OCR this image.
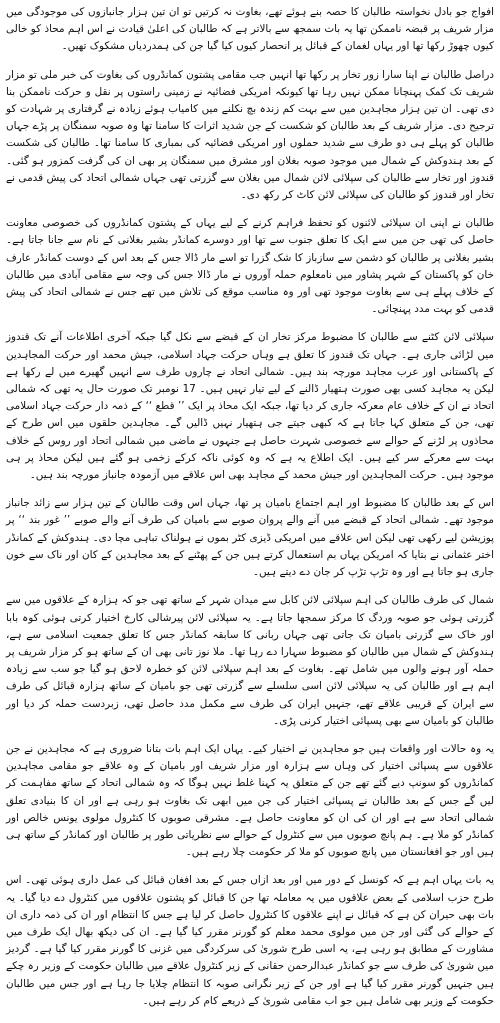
افواج جو بادل نخواستہ طالبان کا حصہ بنے ہوئے تھے، بغاوت نہ کرتیں تو ان تین ہزار جانبازوں کی موجودگی میں مزار شریف پر قبضہ ناممکن تھا یہ بات سمجھ سے بالاتر ہے کہ طالبان کی اعلیٰ قیادت نے اس اہم محاذ کو خالی کیوں چھوڑ رکھا تھا اور یہاں لغمان کے قبائل پر انحصار کیوں کیا گیا جن کی ہمدردیاں مشکوک تھیں۔

دراصل طالبان نے اپنا سارا زور تخار پر رکھا تھا انہیں جب مقامی پشتون کمانڈروں کی بغاوت کی خبر ملی تو مزار شریف تک کمک پہنچانا ممکن نہیں رہا تھا کیونکہ امریکی فضائیہ نے زمینی راستوں پر نقل و حرکت ناممکن بنا دی تھی۔ ان تین ہزار مجاہدین میں سے بہت کم زندہ بچ نکلنے میں کامیاب ہوئے زیادہ نے گرفتاری پر شہادت کو ترجیح دی۔ مزار شریف کے بعد طالبان کو شکست کے جن شدید اثرات کا سامنا تھا وہ صوبہ سمنگان پر پڑے جہاں طالبان کو پہلے ہی دو طرف سے شدید حملوں اور امریکی فضائیہ کی بمباری کا سامنا تھا۔ طالبان کی شکست کے بعد ہندوکش کے شمال میں موجود صوبہ بغلان اور مشرق میں سمنگان پر بھی ان کی گرفت کمزور ہو گئی۔ قندوز اور تخار سے طالبان کی سپلائی لائن شمال میں بغلان سے گزرتی تھی جہاں شمالی اتحاد کی پیش قدمی نے تخار اور قندوز کو طالبان کی سپلائی لائن کاٹ کر رکھ دی۔

طالبان نے اپنی ان سپلائی لائنوں کو تحفظ فراہم کرنے کے لیے یہاں کے پشتون کمانڈروں کی خصوصی معاونت حاصل کی تھی جن میں سے ایک کا تعلق جنوب سے تھا اور دوسرے کمانڈر بشیر بغلانی کے نام سے جانا جاتا ہے۔ بشیر بغلانی پر طالبان کو دشمن سے سازباز کا شک گزرا تو اسے مار ڈالا جس کے بعد اس کے دوست کمانڈر عارف خان کو پاکستان کے شہر پشاور میں نامعلوم حملہ آوروں نے مار ڈالا جس کی وجہ سے مقامی آبادی میں طالبان کے خلاف پہلے ہی سے بغاوت موجود تھی اور وہ مناسب موقع کی تلاش میں تھے جس نے شمالی اتحاد کی پیش قدمی کو بہت مدد پہنچائی۔

سپلائی لائن کٹنے سے طالبان کا مضبوط مرکز تخار ان کے قبضے سے نکل گیا جبکہ آخری اطلاعات آنے تک قندوز میں لڑائی جاری ہے۔ جہاں تک قندوز کا تعلق ہے وہاں حرکت جہاد اسلامی، جیش محمد اور حرکت المجاہدین کے پاکستانی اور عرب مجاہد مورچہ بند ہیں۔ شمالی اتحاد نے چاروں طرف سے انہیں گھیرے میں لے رکھا ہے لیکن یہ مجاہد کسی بھی صورت ہتھیار ڈالنے کے لیے تیار نہیں ہیں۔ 17 نومبر تک صورت حال یہ تھی کہ شمالی اتحاد نے ان کے خلاف عام معرکہ جاری کر دیا تھا، جبکہ ایک محاذ پر ایک ’’ قطع ‘‘ کے ذمہ دار حرکت جہاد اسلامی تھی، جن کے متعلق کہا جاتا ہے کہ کبھی جیتے جی ہتھیار نہیں ڈالیں گے۔ مجاہدین حلقوں میں اس طرح کے محاذوں پر لڑنے کے حوالے سے خصوصی شہرت حاصل ہے جنہوں نے ماضی میں شمالی اتحاد اور روس کے خلاف بہت سے معرکے سر کیے ہیں۔ ایک اطلاع یہ ہے کہ وہ کوئی ناکہ کرکے زخمی ہو گئے ہیں لیکن محاذ پر ہی موجود ہیں۔ حرکت المجاہدین اور جیش محمد کے مجاہد بھی اس علاقے میں آزمودہ جانباز مورچہ بند ہیں۔

اس کے بعد طالبان کا مضبوط اور اہم اجتماع بامیان پر تھا، جہاں اس وقت طالبان کے تین ہزار سے زائد جانباز موجود تھے۔ شمالی اتحاد کے قبضے میں آنے والے پروان صوبے سے بامیان کی طرف آنے والے صوبے ’’ غور بند ‘‘ پر پوزیشن لیے رکھی تھی لیکن اس علاقے میں امریکی ڈیزی کٹر بموں نے ہولناک تباہی مچا دی۔ ہندوکش کے کمانڈر اختر عثمانی نے بتایا کہ امریکن یہاں بم استعمال کرتے ہیں جن کے پھٹنے کے بعد مجاہدین کے کان اور ناک سے خون جاری ہو جاتا ہے اور وہ تڑپ تڑپ کر جان دے دیتے ہیں۔

شمال کی طرف طالبان کی اہم سپلائی لائن کابل سے میدان شہر کے ساتھ تھی جو کہ ہزارہ کے علاقوں میں سے گزرتی ہوئی جو صوبہ وردگ کا مرکز سمجھا جاتا ہے۔ یہ سپلائی لائن پیرشالی کارخ اختیار کرتی ہوئی کوہ بابا اور خاک سے گزرتی بامیان تک جاتی تھی جہاں ربانی کا سابقہ کمانڈر جس کا تعلق جمعیت اسلامی سے ہے، ہندوکش کے شمال میں طالبان کو مضبوط سہارا دے رہا تھا۔ ملا نوز تانی بھی ان کے ساتھ ہو کر مزار شریف پر حملہ آور ہونے والوں میں شامل تھے۔ بغاوت کے بعد اہم سپلائی لائن کو خطرہ لاحق ہو گیا جو سب سے زیادہ اہم ہے اور طالبان کی یہ سپلائی لائن اسی سلسلے سے گزرتی تھی جو بامیان کے ساتھ ہزارہ قبائل کی طرف سے ایران کے قریبی علاقے تھے، جنہیں ایران کی طرف سے مکمل مدد حاصل تھی، زبردست حملہ کر دیا اور طالبان کو بامیان سے بھی پسپائی اختیار کرنی پڑی۔

یہ وہ حالات اور واقعات ہیں جو مجاہدین نے اختیار کیے۔ یہاں ایک اہم بات بتانا ضروری ہے کہ مجاہدین نے جن علاقوں سے پسپائی اختیار کی وہاں سے ہزارہ اور مزار شریف اور بامیان کے وہ علاقے جو مقامی مجاہدین کمانڈروں کو سونپ دیے گئے تھے جن کے متعلق یہ کہنا غلط نہیں ہوگا کہ وہ شمالی اتحاد کے ساتھ مفاہمت کر لیں گے جس کے بعد طالبان نے پسپائی اختیار کی جن میں ابھی تک بغاوت ہو رہی ہے اور ان کا بنیادی تعلق شمالی اتحاد سے ہے اور ان کی ان کو معاونت حاصل ہے۔ مشرقی صوبوں کا کنٹرول مولوی یونس خالص اور کمانڈر کو ملا ہے۔ ہم پانچ صوبوں میں سے کنٹرول کے حوالے سے نظریاتی طور پر طالبان اور کمانڈر کے ساتھ ہی ہیں اور جو افغانستان میں پانچ صوبوں کو ملا کر حکومت چلا رہے ہیں۔

یہ بات یہاں اہم ہے کہ کونسل کے دور میں اور بعد ازاں جس کے بعد افغان قبائل کی عمل داری ہوئی تھی۔ اس طرح حزب اسلامی کے بعض علاقوں میں یہ معاملہ تھا جن کا قبائل کو پشتون علاقوں میں کنٹرول دے دیا گیا۔ یہ بات بھی حیران کن ہے کہ قبائل نے اپنے علاقوں کا کنٹرول حاصل کر لیا ہے جس کا انتظام اور ان کی ذمہ داری ان کے حوالے کی گئی اور جن میں مولوی محمد معلم کو گورنر مقرر کیا گیا ہے۔ ان کی دیکھ بھال ایک طرف میں مشاورت کے مطابق ہو رہی ہے، یہ اسی طرح شوریٰ کی سرکردگی میں غزنی کا گورنر مقرر کیا گیا ہے۔ گردیز میں شوریٰ کی طرف سے جو کمانڈر عبدالرحمن حقانی کے زیر کنٹرول علاقے میں طالبان حکومت کے وزیر رہ چکے ہیں جنہیں گورنر مقرر کیا گیا ہے اور جن کے زیر نگرانی صوبہ کا انتظام چلایا جا رہا ہے اور جس میں طالبان حکومت کے وزیر بھی شامل ہیں جو اب مقامی شوریٰ کے ذریعے کام کر رہے ہیں۔
